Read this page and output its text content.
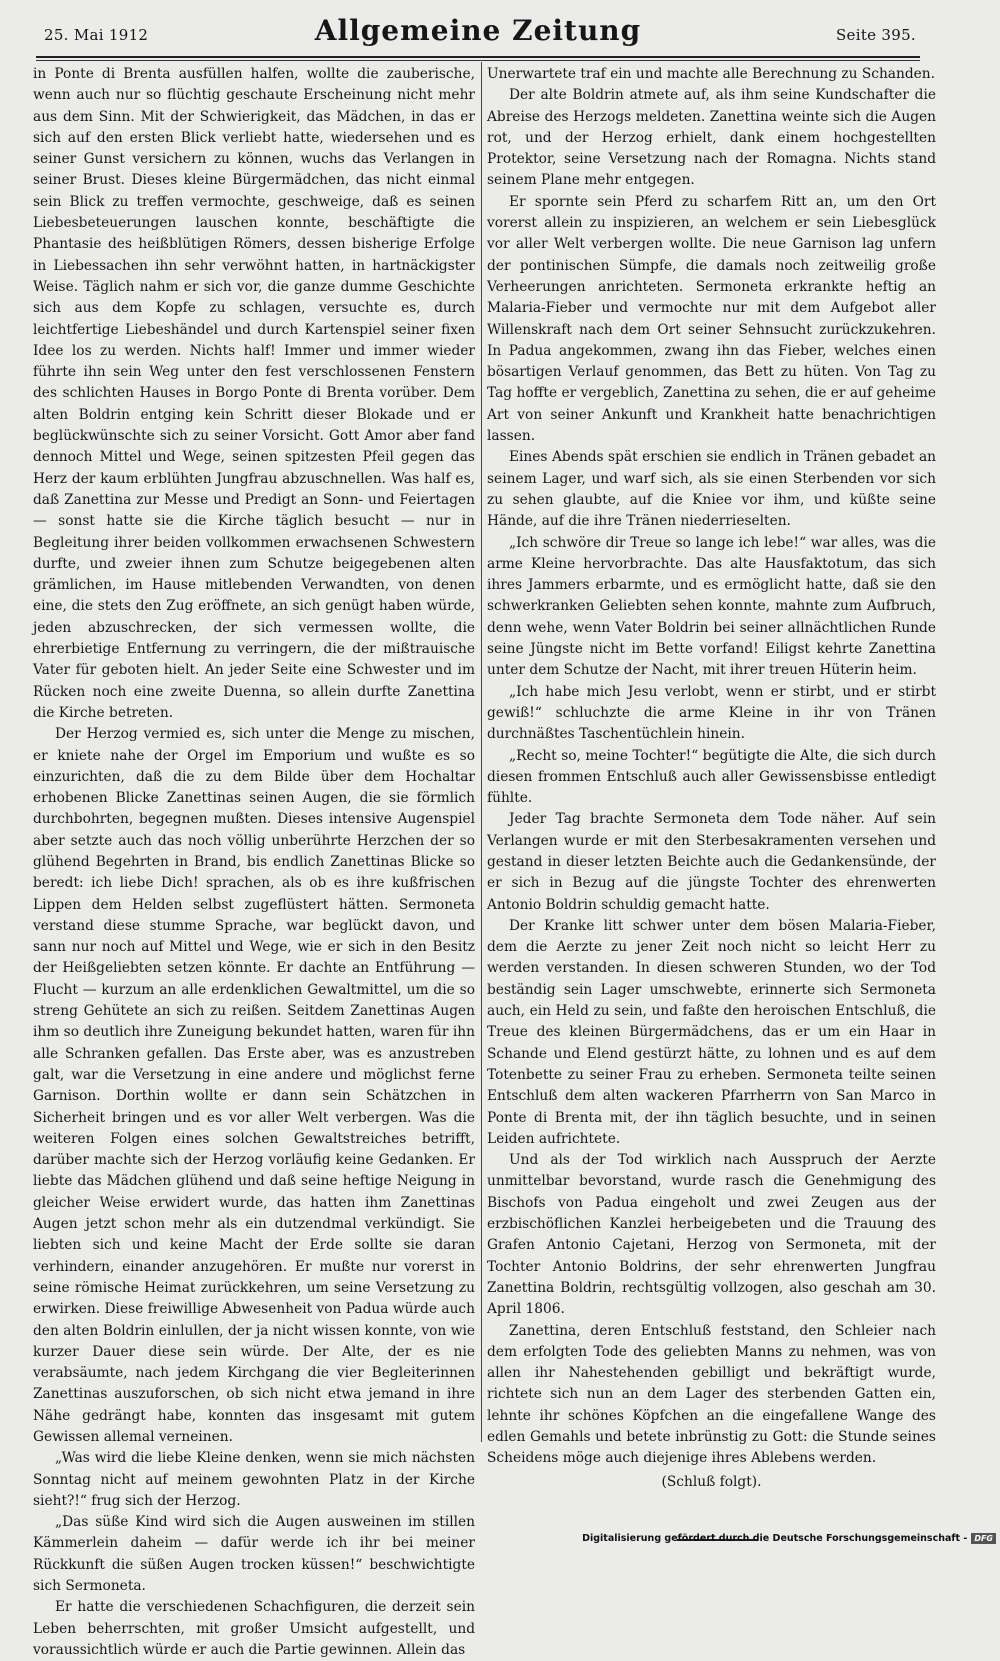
25. Mai 1912	Allgemeine Zeitung	Seite 395.

in Ponte di Brenta ausfüllen halfen, wollte die zauberische, wenn auch nur so flüchtig geschaute Erscheinung nicht mehr aus dem Sinn. Mit der Schwierigkeit, das Mädchen, in das er sich auf den ersten Blick verliebt hatte, wiedersehen und es seiner Gunst versichern zu können, wuchs das Verlangen in seiner Brust. Dieses kleine Bürgermädchen, das nicht einmal sein Blick zu treffen vermochte, geschweige, daß es seinen Liebesbeteuerungen lauschen konnte, beschäftigte die Phantasie des heißblütigen Römers, dessen bisherige Erfolge in Liebessachen ihn sehr verwöhnt hatten, in hartnäckigster Weise. Täglich nahm er sich vor, die ganze dumme Geschichte sich aus dem Kopfe zu schlagen, versuchte es, durch leichtfertige Liebeshändel und durch Kartenspiel seiner fixen Idee los zu werden. Nichts half! Immer und immer wieder führte ihn sein Weg unter den fest verschlossenen Fenstern des schlichten Hauses in Borgo Ponte di Brenta vorüber. Dem alten Boldrin entging kein Schritt dieser Blokade und er beglückwünschte sich zu seiner Vorsicht. Gott Amor aber fand dennoch Mittel und Wege, seinen spitzesten Pfeil gegen das Herz der kaum erblühten Jungfrau abzuschnellen. Was half es, daß Zanettina zur Messe und Predigt an Sonn- und Feiertagen — sonst hatte sie die Kirche täglich besucht — nur in Begleitung ihrer beiden vollkommen erwachsenen Schwestern durfte, und zweier ihnen zum Schutze beigegebenen alten grämlichen, im Hause mitlebenden Verwandten, von denen eine, die stets den Zug eröffnete, an sich genügt haben würde, jeden abzuschrecken, der sich vermessen wollte, die ehrerbietige Entfernung zu verringern, die der mißtrauische Vater für geboten hielt. An jeder Seite eine Schwester und im Rücken noch eine zweite Duenna, so allein durfte Zanettina die Kirche betreten.

Der Herzog vermied es, sich unter die Menge zu mischen, er kniete nahe der Orgel im Emporium und wußte es so einzurichten, daß die zu dem Bilde über dem Hochaltar erhobenen Blicke Zanettinas seinen Augen, die sie förmlich durchbohrten, begegnen mußten. Dieses intensive Augenspiel aber setzte auch das noch völlig unberührte Herzchen der so glühend Begehrten in Brand, bis endlich Zanettinas Blicke so beredt: ich liebe Dich! sprachen, als ob es ihre kußfrischen Lippen dem Helden selbst zugeflüstert hätten. Sermoneta verstand diese stumme Sprache, war beglückt davon, und sann nur noch auf Mittel und Wege, wie er sich in den Besitz der Heißgeliebten setzen könnte. Er dachte an Entführung — Flucht — kurzum an alle erdenklichen Gewaltmittel, um die so streng Gehütete an sich zu reißen. Seitdem Zanettinas Augen ihm so deutlich ihre Zuneigung bekundet hatten, waren für ihn alle Schranken gefallen. Das Erste aber, was es anzustreben galt, war die Versetzung in eine andere und möglichst ferne Garnison. Dorthin wollte er dann sein Schätzchen in Sicherheit bringen und es vor aller Welt verbergen. Was die weiteren Folgen eines solchen Gewaltstreiches betrifft, darüber machte sich der Herzog vorläufig keine Gedanken. Er liebte das Mädchen glühend und daß seine heftige Neigung in gleicher Weise erwidert wurde, das hatten ihm Zanettinas Augen jetzt schon mehr als ein dutzendmal verkündigt. Sie liebten sich und keine Macht der Erde sollte sie daran verhindern, einander anzugehören. Er mußte nur vorerst in seine römische Heimat zurückkehren, um seine Versetzung zu erwirken. Diese freiwillige Abwesenheit von Padua würde auch den alten Boldrin einlullen, der ja nicht wissen konnte, von wie kurzer Dauer diese sein würde. Der Alte, der es nie verabsäumte, nach jedem Kirchgang die vier Begleiterinnen Zanettinas auszuforschen, ob sich nicht etwa jemand in ihre Nähe gedrängt habe, konnten das insgesamt mit gutem Gewissen allemal verneinen.

„Was wird die liebe Kleine denken, wenn sie mich nächsten Sonntag nicht auf meinem gewohnten Platz in der Kirche sieht?!“ frug sich der Herzog.

„Das süße Kind wird sich die Augen ausweinen im stillen Kämmerlein daheim — dafür werde ich ihr bei meiner Rückkunft die süßen Augen trocken küssen!“ beschwichtigte sich Sermoneta.

Er hatte die verschiedenen Schachfiguren, die derzeit sein Leben beherrschten, mit großer Umsicht aufgestellt, und voraussichtlich würde er auch die Partie gewinnen. Allein das

Unerwartete traf ein und machte alle Berechnung zu Schanden.

Der alte Boldrin atmete auf, als ihm seine Kundschafter die Abreise des Herzogs meldeten. Zanettina weinte sich die Augen rot, und der Herzog erhielt, dank einem hochgestellten Protektor, seine Versetzung nach der Romagna. Nichts stand seinem Plane mehr entgegen.

Er spornte sein Pferd zu scharfem Ritt an, um den Ort vorerst allein zu inspizieren, an welchem er sein Liebesglück vor aller Welt verbergen wollte. Die neue Garnison lag unfern der pontinischen Sümpfe, die damals noch zeitweilig große Verheerungen anrichteten. Sermoneta erkrankte heftig an Malaria-Fieber und vermochte nur mit dem Aufgebot aller Willenskraft nach dem Ort seiner Sehnsucht zurückzukehren. In Padua angekommen, zwang ihn das Fieber, welches einen bösartigen Verlauf genommen, das Bett zu hüten. Von Tag zu Tag hoffte er vergeblich, Zanettina zu sehen, die er auf geheime Art von seiner Ankunft und Krankheit hatte benachrichtigen lassen.

Eines Abends spät erschien sie endlich in Tränen gebadet an seinem Lager, und warf sich, als sie einen Sterbenden vor sich zu sehen glaubte, auf die Kniee vor ihm, und küßte seine Hände, auf die ihre Tränen niederrieselten.

„Ich schwöre dir Treue so lange ich lebe!“ war alles, was die arme Kleine hervorbrachte. Das alte Hausfaktotum, das sich ihres Jammers erbarmte, und es ermöglicht hatte, daß sie den schwerkranken Geliebten sehen konnte, mahnte zum Aufbruch, denn wehe, wenn Vater Boldrin bei seiner allnächtlichen Runde seine Jüngste nicht im Bette vorfand! Eiligst kehrte Zanettina unter dem Schutze der Nacht, mit ihrer treuen Hüterin heim.

„Ich habe mich Jesu verlobt, wenn er stirbt, und er stirbt gewiß!“ schluchzte die arme Kleine in ihr von Tränen durchnäßtes Taschentüchlein hinein.

„Recht so, meine Tochter!“ begütigte die Alte, die sich durch diesen frommen Entschluß auch aller Gewissensbisse entledigt fühlte.

Jeder Tag brachte Sermoneta dem Tode näher. Auf sein Verlangen wurde er mit den Sterbesakramenten versehen und gestand in dieser letzten Beichte auch die Gedankensünde, der er sich in Bezug auf die jüngste Tochter des ehrenwerten Antonio Boldrin schuldig gemacht hatte.

Der Kranke litt schwer unter dem bösen Malaria-Fieber, dem die Aerzte zu jener Zeit noch nicht so leicht Herr zu werden verstanden. In diesen schweren Stunden, wo der Tod beständig sein Lager umschwebte, erinnerte sich Sermoneta auch, ein Held zu sein, und faßte den heroischen Entschluß, die Treue des kleinen Bürgermädchens, das er um ein Haar in Schande und Elend gestürzt hätte, zu lohnen und es auf dem Totenbette zu seiner Frau zu erheben. Sermoneta teilte seinen Entschluß dem alten wackeren Pfarrherrn von San Marco in Ponte di Brenta mit, der ihn täglich besuchte, und in seinen Leiden aufrichtete.

Und als der Tod wirklich nach Ausspruch der Aerzte unmittelbar bevorstand, wurde rasch die Genehmigung des Bischofs von Padua eingeholt und zwei Zeugen aus der erzbischöflichen Kanzlei herbeigebeten und die Trauung des Grafen Antonio Cajetani, Herzog von Sermoneta, mit der Tochter Antonio Boldrins, der sehr ehrenwerten Jungfrau Zanettina Boldrin, rechtsgültig vollzogen, also geschah am 30. April 1806.

Zanettina, deren Entschluß feststand, den Schleier nach dem erfolgten Tode des geliebten Manns zu nehmen, was von allen ihr Nahestehenden gebilligt und bekräftigt wurde, richtete sich nun an dem Lager des sterbenden Gatten ein, lehnte ihr schönes Köpfchen an die eingefallene Wange des edlen Gemahls und betete inbrünstig zu Gott: die Stunde seines Scheidens möge auch diejenige ihres Ablebens werden.

(Schluß folgt).

Digitalisierung gefördert durch die Deutsche Forschungsgemeinschaft - DFG
